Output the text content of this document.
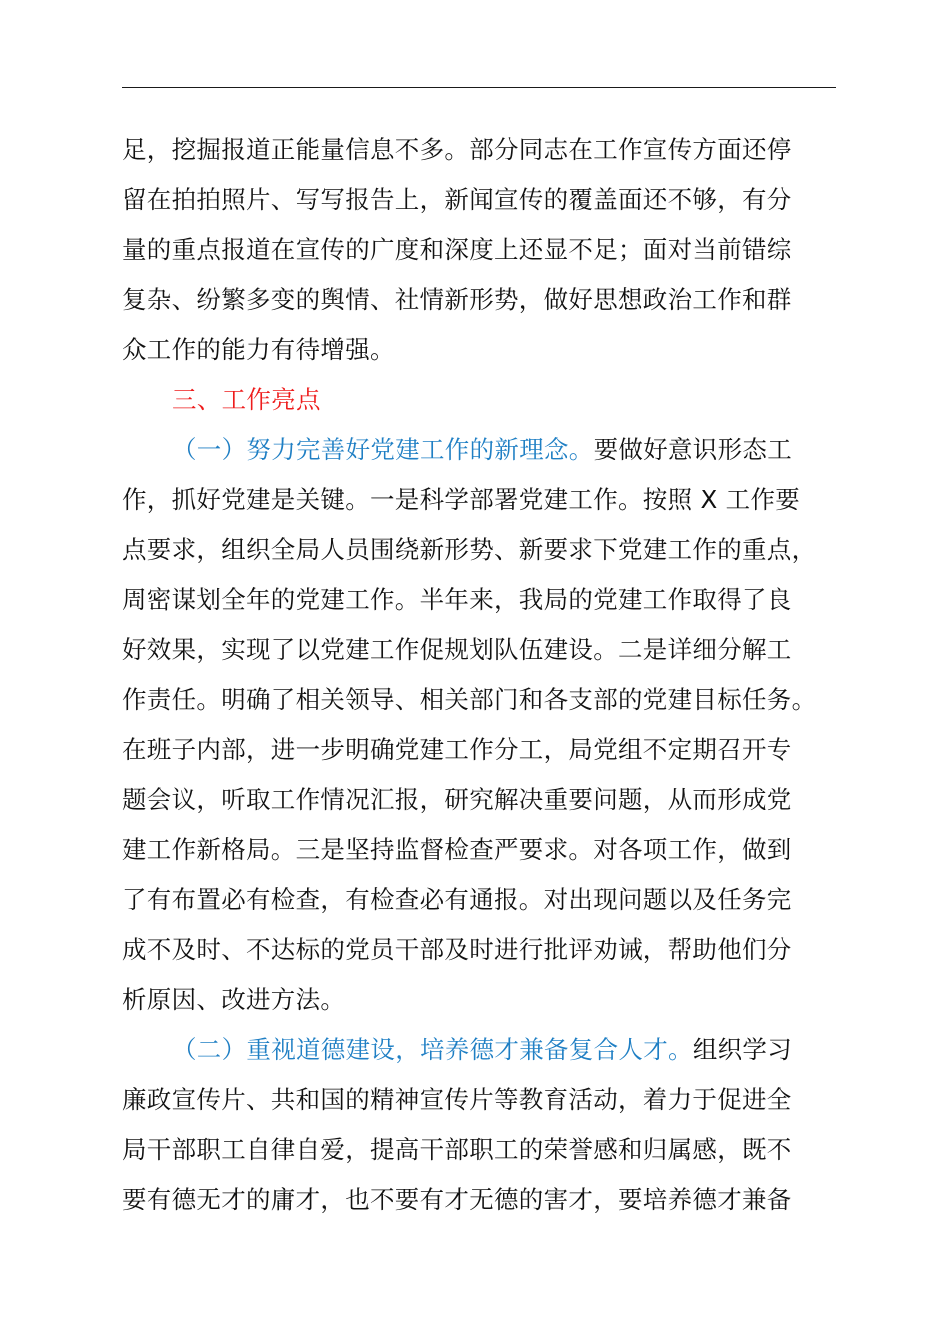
足，挖掘报道正能量信息不多。部分同志在工作宣传方面还停
留在拍拍照片、写写报告上，新闻宣传的覆盖面还不够，有分
量的重点报道在宣传的广度和深度上还显不足；面对当前错综
复杂、纷繁多变的舆情、社情新形势，做好思想政治工作和群
众工作的能力有待增强。
三、工作亮点
（一）努力完善好党建工作的新理念。要做好意识形态工
作，抓好党建是关键。一是科学部署党建工作。按照 X 工作要
点要求，组织全局人员围绕新形势、新要求下党建工作的重点，
周密谋划全年的党建工作。半年来，我局的党建工作取得了良
好效果，实现了以党建工作促规划队伍建设。二是详细分解工
作责任。明确了相关领导、相关部门和各支部的党建目标任务。
在班子内部，进一步明确党建工作分工，局党组不定期召开专
题会议，听取工作情况汇报，研究解决重要问题，从而形成党
建工作新格局。三是坚持监督检查严要求。对各项工作，做到
了有布置必有检查，有检查必有通报。对出现问题以及任务完
成不及时、不达标的党员干部及时进行批评劝诫，帮助他们分
析原因、改进方法。
（二）重视道德建设，培养德才兼备复合人才。组织学习
廉政宣传片、共和国的精神宣传片等教育活动，着力于促进全
局干部职工自律自爱，提高干部职工的荣誉感和归属感，既不
要有德无才的庸才，也不要有才无德的害才，要培养德才兼备
